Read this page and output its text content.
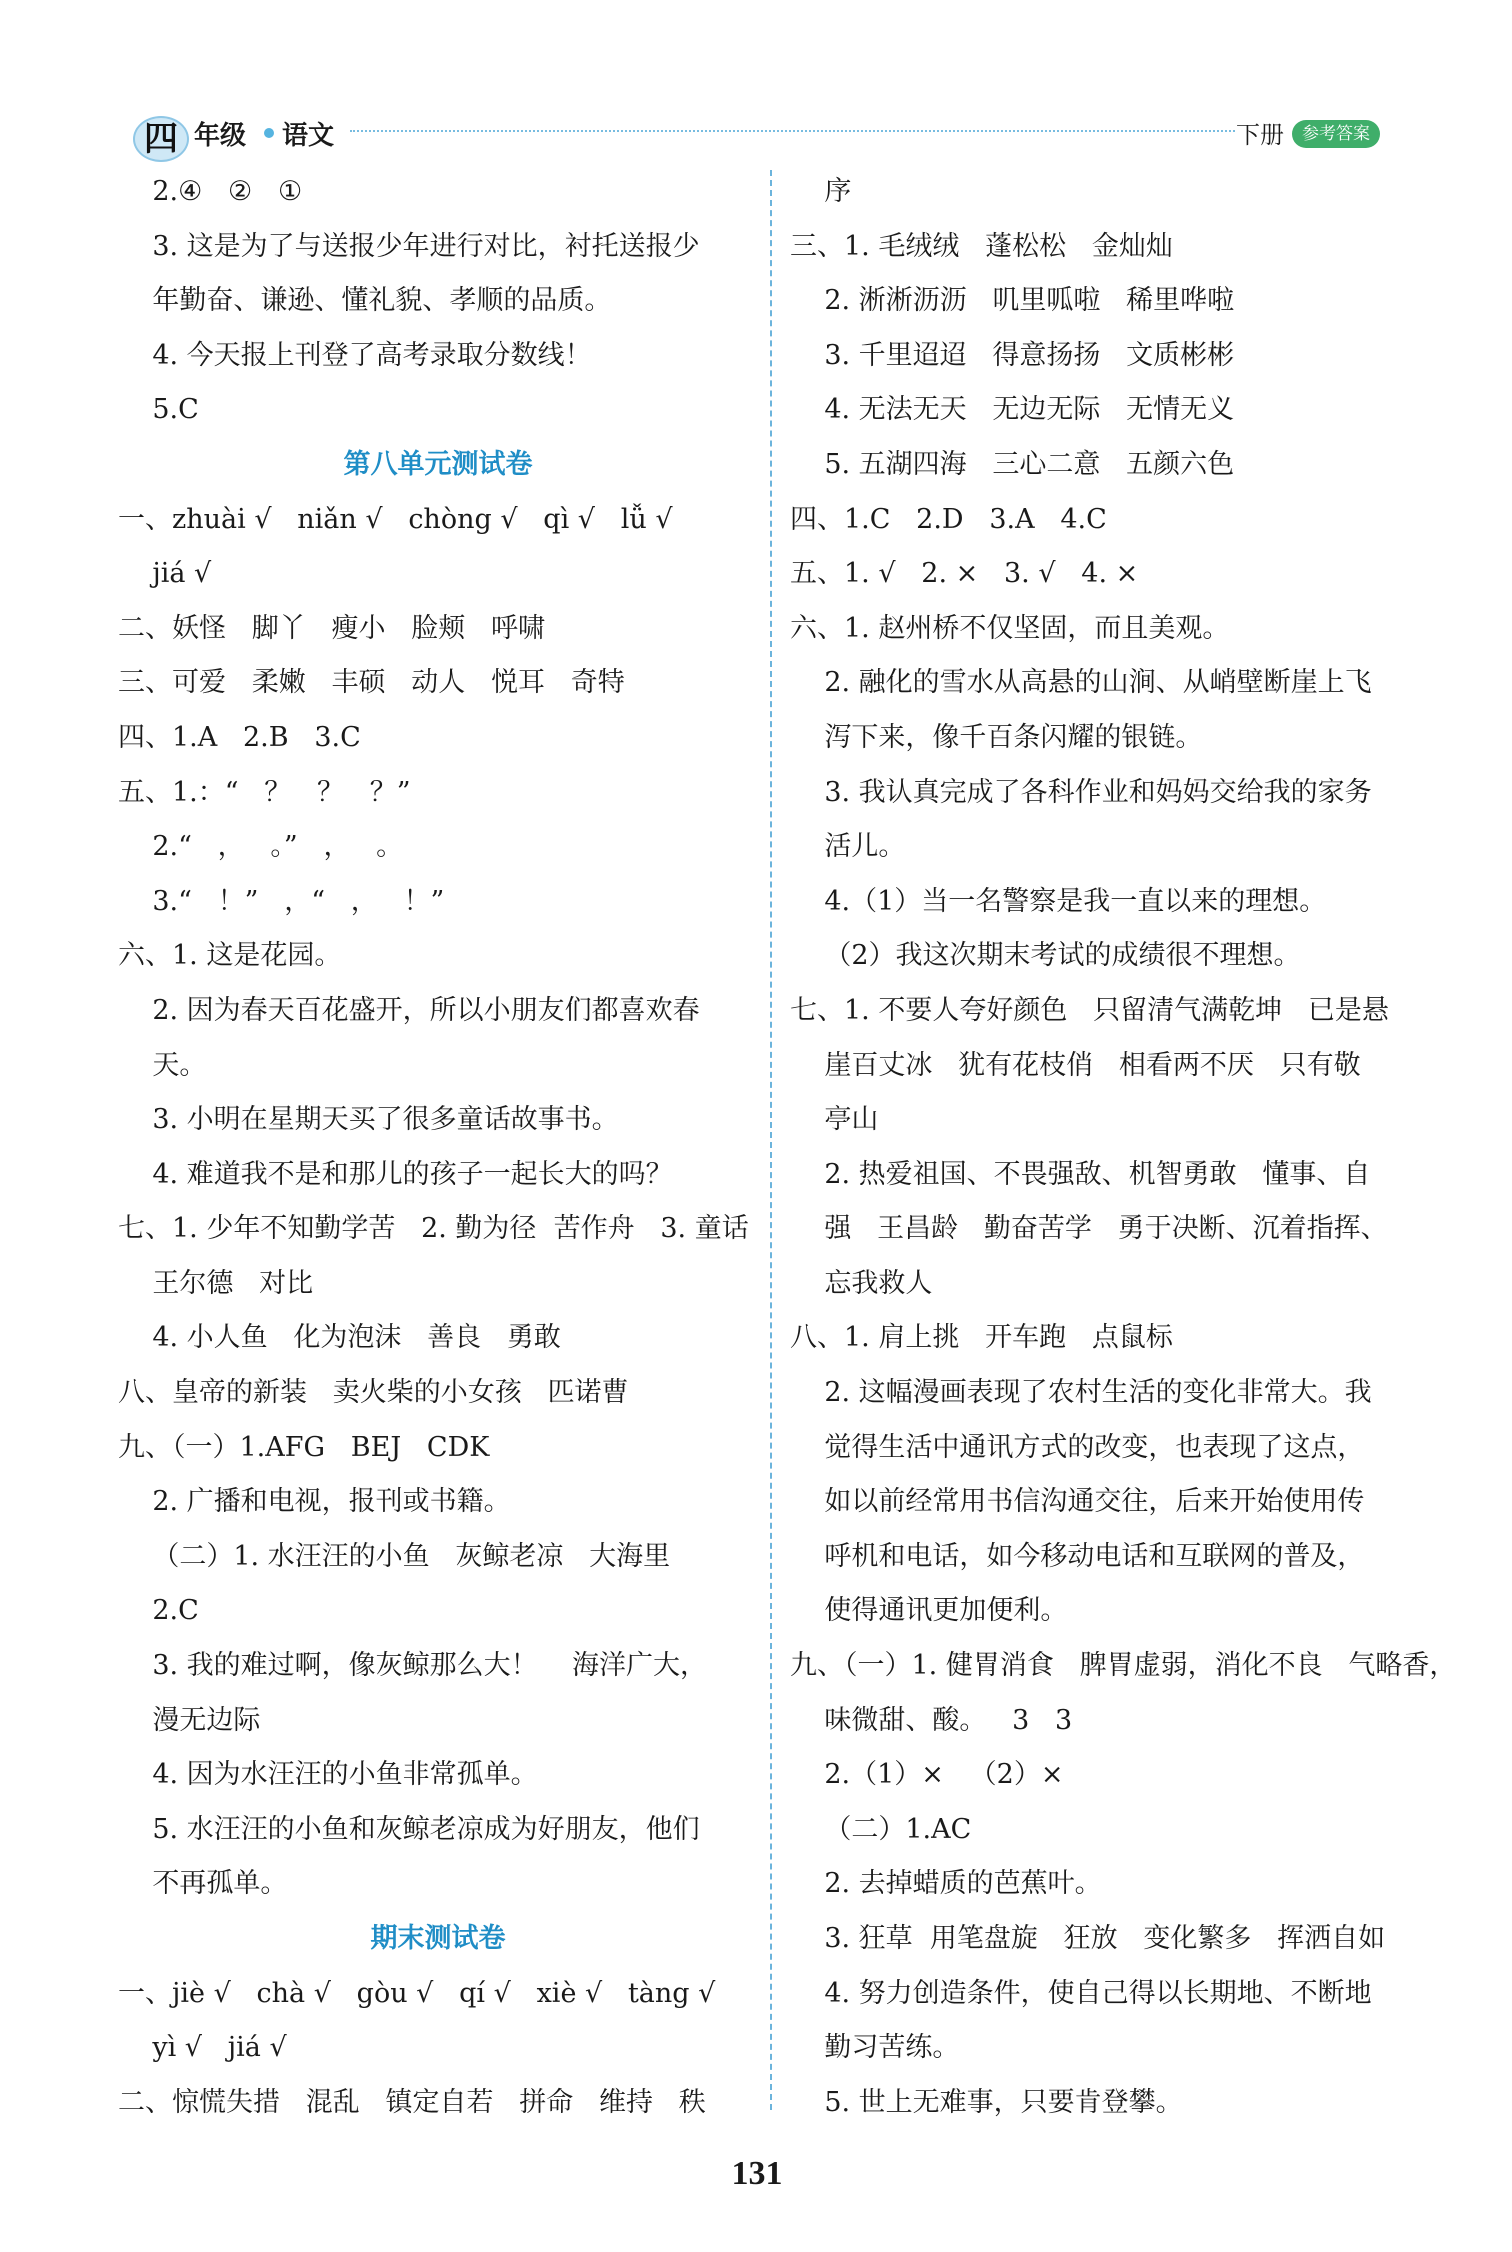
四 年级 语文	下册	参考答案
2.④   ②   ①
3. 这是为了与送报少年进行对比，衬托送报少
年勤奋、谦逊、懂礼貌、孝顺的品质。
4. 今天报上刊登了高考录取分数线！
5.C
第八单元测试卷
一、zhuài √   niǎn √   chòng √   qì √   lǚ √
jiá √
二、妖怪   脚丫   瘦小   脸颊   呼啸
三、可爱   柔嫩   丰硕   动人   悦耳   奇特
四、1.A   2.B   3.C
五、1.：“   ？   ？   ？”
2.“   ，   。”   ，   。
3.“   ！”   ，“   ，   ！”
六、1. 这是花园。
2. 因为春天百花盛开，所以小朋友们都喜欢春
天。
3. 小明在星期天买了很多童话故事书。
4. 难道我不是和那儿的孩子一起长大的吗？
七、1. 少年不知勤学苦   2. 勤为径  苦作舟   3. 童话
王尔德   对比
4. 小人鱼   化为泡沫   善良   勇敢
八、皇帝的新装   卖火柴的小女孩   匹诺曹
九、（一）1.AFG   BEJ   CDK
2. 广播和电视，报刊或书籍。
（二）1. 水汪汪的小鱼   灰鲸老凉   大海里
2.C
3. 我的难过啊，像灰鲸那么大！    海洋广大，
漫无边际
4. 因为水汪汪的小鱼非常孤单。
5. 水汪汪的小鱼和灰鲸老凉成为好朋友，他们
不再孤单。
期末测试卷
一、jiè √   chà √   gòu √   qí √   xiè √   tàng √
yì √   jiá √
二、惊慌失措   混乱   镇定自若   拼命   维持   秩
序
三、1. 毛绒绒   蓬松松   金灿灿
2. 淅淅沥沥   叽里呱啦   稀里哗啦
3. 千里迢迢   得意扬扬   文质彬彬
4. 无法无天   无边无际   无情无义
5. 五湖四海   三心二意   五颜六色
四、1.C   2.D   3.A   4.C
五、1. √   2. ×   3. √   4. ×
六、1. 赵州桥不仅坚固，而且美观。
2. 融化的雪水从高悬的山涧、从峭壁断崖上飞
泻下来，像千百条闪耀的银链。
3. 我认真完成了各科作业和妈妈交给我的家务
活儿。
4.（1）当一名警察是我一直以来的理想。
（2）我这次期末考试的成绩很不理想。
七、1. 不要人夸好颜色   只留清气满乾坤   已是悬
崖百丈冰   犹有花枝俏   相看两不厌   只有敬
亭山
2. 热爱祖国、不畏强敌、机智勇敢   懂事、自
强   王昌龄   勤奋苦学   勇于决断、沉着指挥、
忘我救人
八、1. 肩上挑   开车跑   点鼠标
2. 这幅漫画表现了农村生活的变化非常大。我
觉得生活中通讯方式的改变，也表现了这点，
如以前经常用书信沟通交往，后来开始使用传
呼机和电话，如今移动电话和互联网的普及，
使得通讯更加便利。
九、（一）1. 健胃消食   脾胃虚弱，消化不良   气略香，
味微甜、酸。   3   3
2.（1）×   （2）×
（二）1.AC
2. 去掉蜡质的芭蕉叶。
3. 狂草  用笔盘旋   狂放   变化繁多   挥洒自如
4. 努力创造条件，使自己得以长期地、不断地
勤习苦练。
5. 世上无难事，只要肯登攀。
131
